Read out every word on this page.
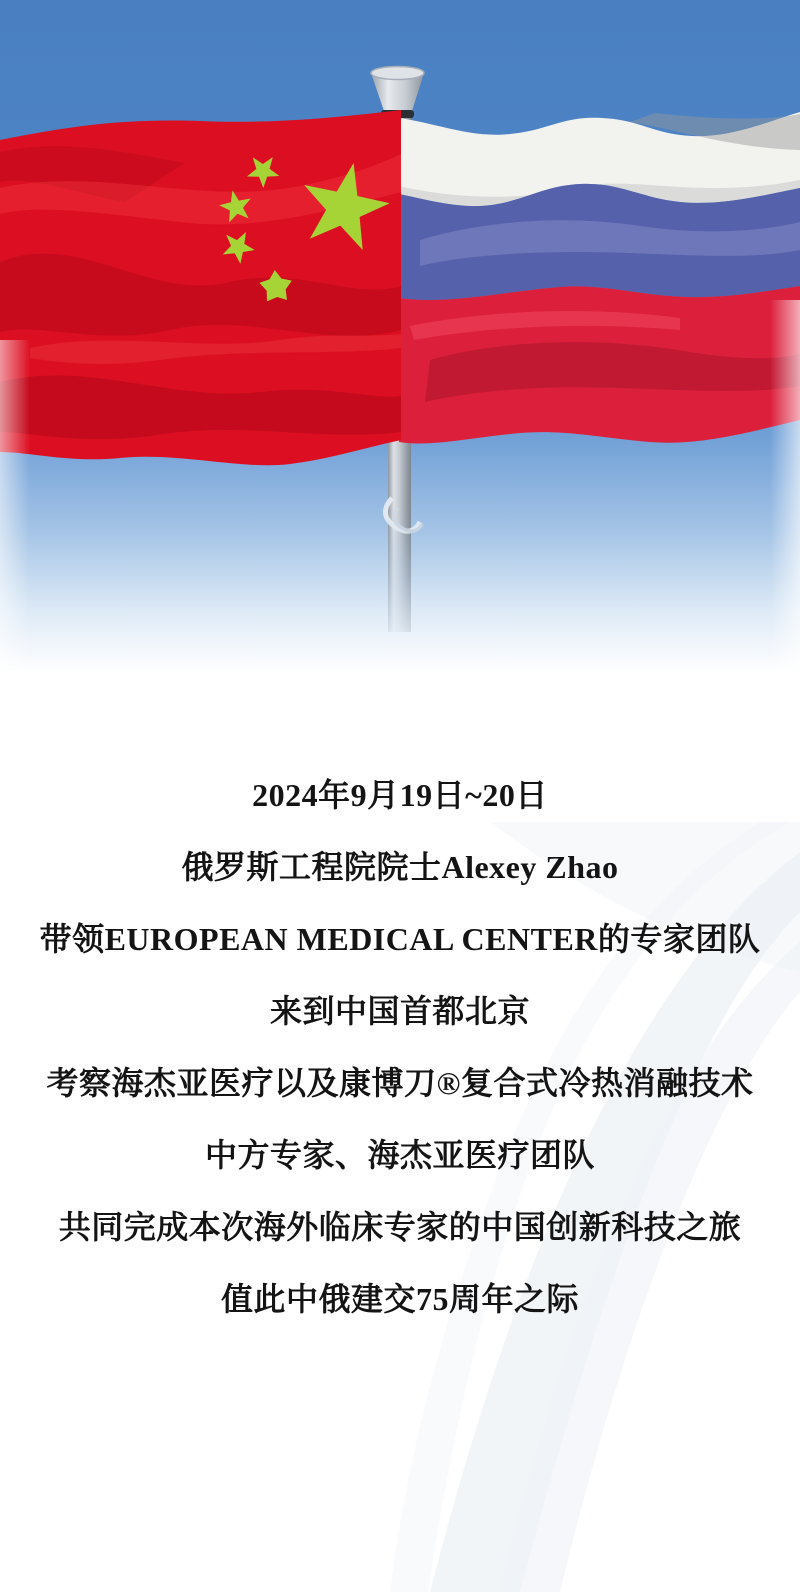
2024年9月19日~20日

俄罗斯工程院院士Alexey Zhao

带领EUROPEAN MEDICAL CENTER的专家团队

来到中国首都北京

考察海杰亚医疗以及康博刀®复合式冷热消融技术

中方专家、海杰亚医疗团队

共同完成本次海外临床专家的中国创新科技之旅

值此中俄建交75周年之际
